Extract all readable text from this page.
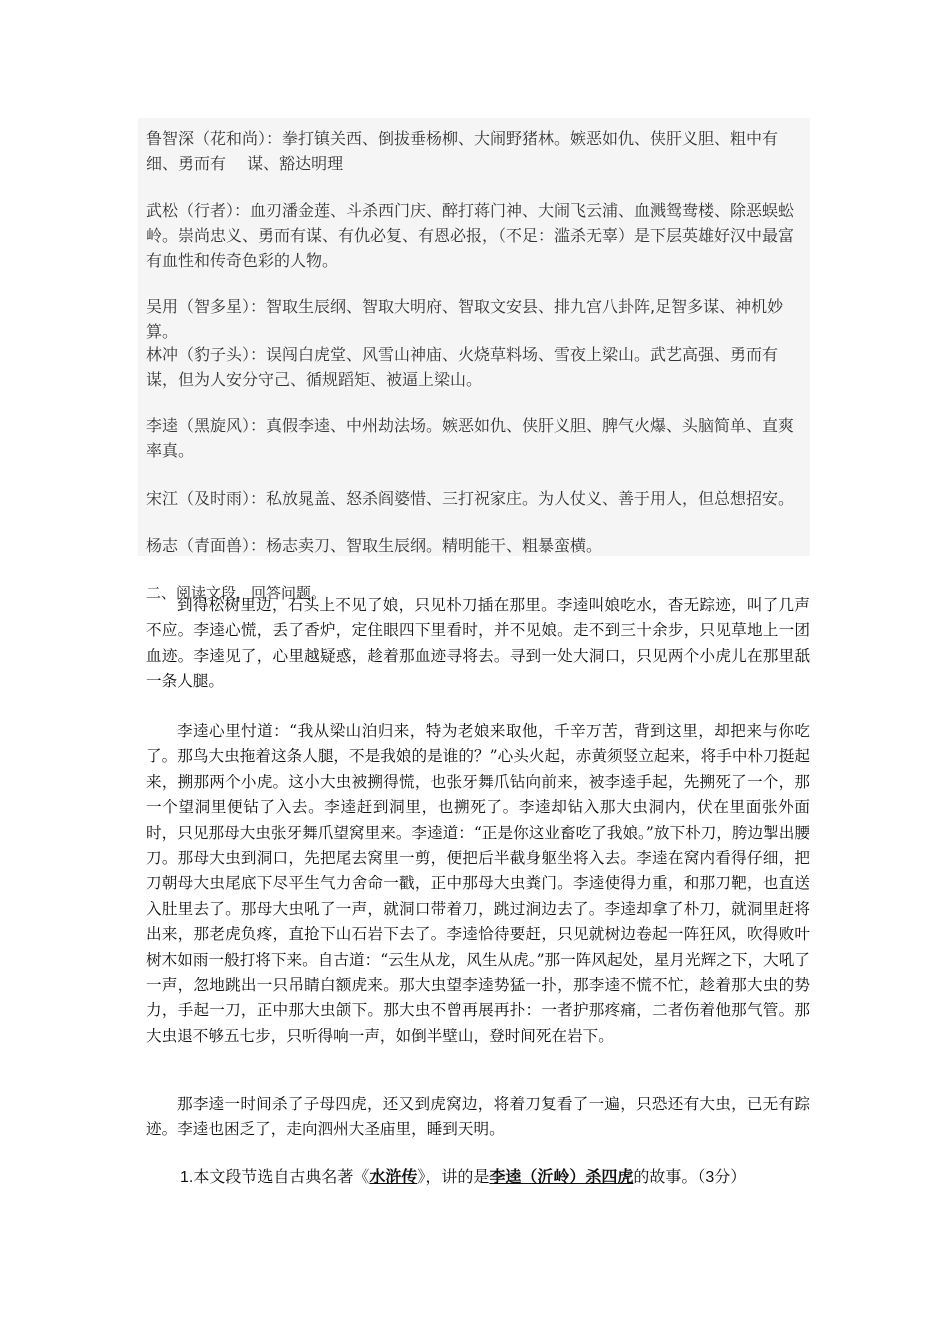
鲁智深（花和尚）：拳打镇关西、倒拔垂杨柳、大闹野猪林。嫉恶如仇、侠肝义胆、粗中有细、勇而有　 谋、豁达明理
武松（行者）：血刃潘金莲、斗杀西门庆、醉打蒋门神、大闹飞云浦、血溅鸳鸯楼、除恶蜈蚣岭。崇尚忠义、勇而有谋、有仇必复、有恩必报，（不足：滥杀无辜）是下层英雄好汉中最富有血性和传奇色彩的人物。
吴用（智多星）：智取生辰纲、智取大明府、智取文安县、排九宫八卦阵,足智多谋、神机妙算。
林冲（豹子头）：误闯白虎堂、风雪山神庙、火烧草料场、雪夜上梁山。武艺高强、勇而有谋，但为人安分守己、循规蹈矩、被逼上梁山。
李逵（黑旋风）：真假李逵、中州劫法场。嫉恶如仇、侠肝义胆、脾气火爆、头脑简单、直爽率真。
宋江（及时雨）：私放晁盖、怒杀阎婆惜、三打祝家庄。为人仗义、善于用人，但总想招安。
杨志（青面兽）：杨志卖刀、智取生辰纲。精明能干、粗暴蛮横。
二、阅读文段，回答问题。

到得松树里边，石头上不见了娘，只见朴刀插在那里。李逵叫娘吃水，杳无踪迹，叫了几声不应。李逵心慌，丢了香炉，定住眼四下里看时，并不见娘。走不到三十余步，只见草地上一团血迹。李逵见了，心里越疑惑，趁着那血迹寻将去。寻到一处大洞口，只见两个小虎儿在那里舐一条人腿。

李逵心里忖道：“我从梁山泊归来，特为老娘来取他，千辛万苦，背到这里，却把来与你吃了。那鸟大虫拖着这条人腿，不是我娘的是谁的？”心头火起，赤黄须竖立起来，将手中朴刀挺起来，搠那两个小虎。这小大虫被搠得慌，也张牙舞爪钻向前来，被李逵手起，先搠死了一个，那一个望洞里便钻了入去。李逵赶到洞里，也搠死了。李逵却钻入那大虫洞内，伏在里面张外面时，只见那母大虫张牙舞爪望窝里来。李逵道：“正是你这业畜吃了我娘。”放下朴刀，胯边掣出腰刀。那母大虫到洞口，先把尾去窝里一剪，便把后半截身躯坐将入去。李逵在窝内看得仔细，把刀朝母大虫尾底下尽平生气力舍命一戳，正中那母大虫粪门。李逵使得力重，和那刀靶，也直送入肚里去了。那母大虫吼了一声，就洞口带着刀，跳过涧边去了。李逵却拿了朴刀，就洞里赶将出来，那老虎负疼，直抢下山石岩下去了。李逵恰待要赶，只见就树边卷起一阵狂风，吹得败叶树木如雨一般打将下来。自古道：“云生从龙，风生从虎。”那一阵风起处，星月光辉之下，大吼了一声，忽地跳出一只吊睛白额虎来。那大虫望李逵势猛一扑，那李逵不慌不忙，趁着那大虫的势力，手起一刀，正中那大虫颌下。那大虫不曾再展再扑：一者护那疼痛，二者伤着他那气管。那大虫退不够五七步，只听得响一声，如倒半壁山，登时间死在岩下。

那李逵一时间杀了子母四虎，还又到虎窝边，将着刀复看了一遍，只恐还有大虫，已无有踪迹。李逵也困乏了，走向泗州大圣庙里，睡到天明。

1.本文段节选自古典名著《水浒传》，讲的是李逵（沂岭）杀四虎的故事。（3分）
